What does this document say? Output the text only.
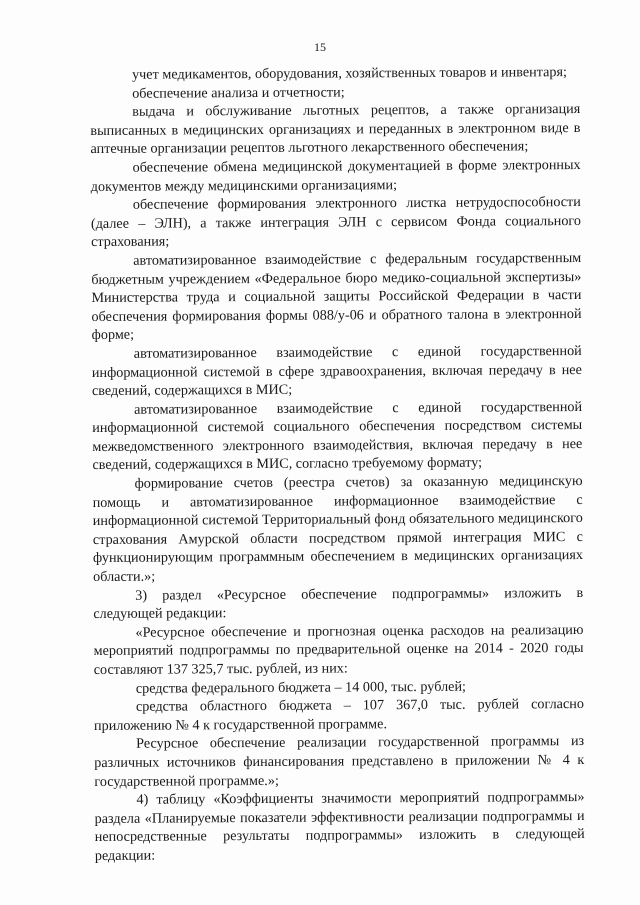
15

учет медикаментов, оборудования, хозяйственных товаров и инвентаря;

обеспечение анализа и отчетности;

выдача и обслуживание льготных рецептов, а также организация выписанных в медицинских организациях и переданных в электронном виде в аптечные организации рецептов льготного лекарственного обеспечения;

обеспечение обмена медицинской документацией в форме электронных документов между медицинскими организациями;

обеспечение формирования электронного листка нетрудоспособности (далее – ЭЛН), а также интеграция ЭЛН с сервисом Фонда социального страхования;

автоматизированное взаимодействие с федеральным государственным бюджетным учреждением «Федеральное бюро медико-социальной экспертизы» Министерства труда и социальной защиты Российской Федерации в части обеспечения формирования формы 088/у-06 и обратного талона в электронной форме;

автоматизированное взаимодействие с единой государственной информационной системой в сфере здравоохранения, включая передачу в нее сведений, содержащихся в МИС;

автоматизированное взаимодействие с единой государственной информационной системой социального обеспечения посредством системы межведомственного электронного взаимодействия, включая передачу в нее сведений, содержащихся в МИС, согласно требуемому формату;

формирование счетов (реестра счетов) за оказанную медицинскую помощь и автоматизированное информационное взаимодействие с информационной системой Территориальный фонд обязательного медицинского страхования Амурской области посредством прямой интеграция МИС с функционирующим программным обеспечением в медицинских организациях области.»;

3) раздел «Ресурсное обеспечение подпрограммы» изложить в следующей редакции:

«Ресурсное обеспечение и прогнозная оценка расходов на реализацию мероприятий подпрограммы по предварительной оценке на 2014 - 2020 годы составляют 137 325,7 тыс. рублей, из них:

средства федерального бюджета – 14 000, тыс. рублей;

средства областного бюджета – 107 367,0 тыс. рублей согласно приложению № 4 к государственной программе.

Ресурсное обеспечение реализации государственной программы из различных источников финансирования представлено в приложении № 4 к государственной программе.»;

4) таблицу «Коэффициенты значимости мероприятий подпрограммы» раздела «Планируемые показатели эффективности реализации подпрограммы и непосредственные результаты подпрограммы» изложить в следующей редакции:
